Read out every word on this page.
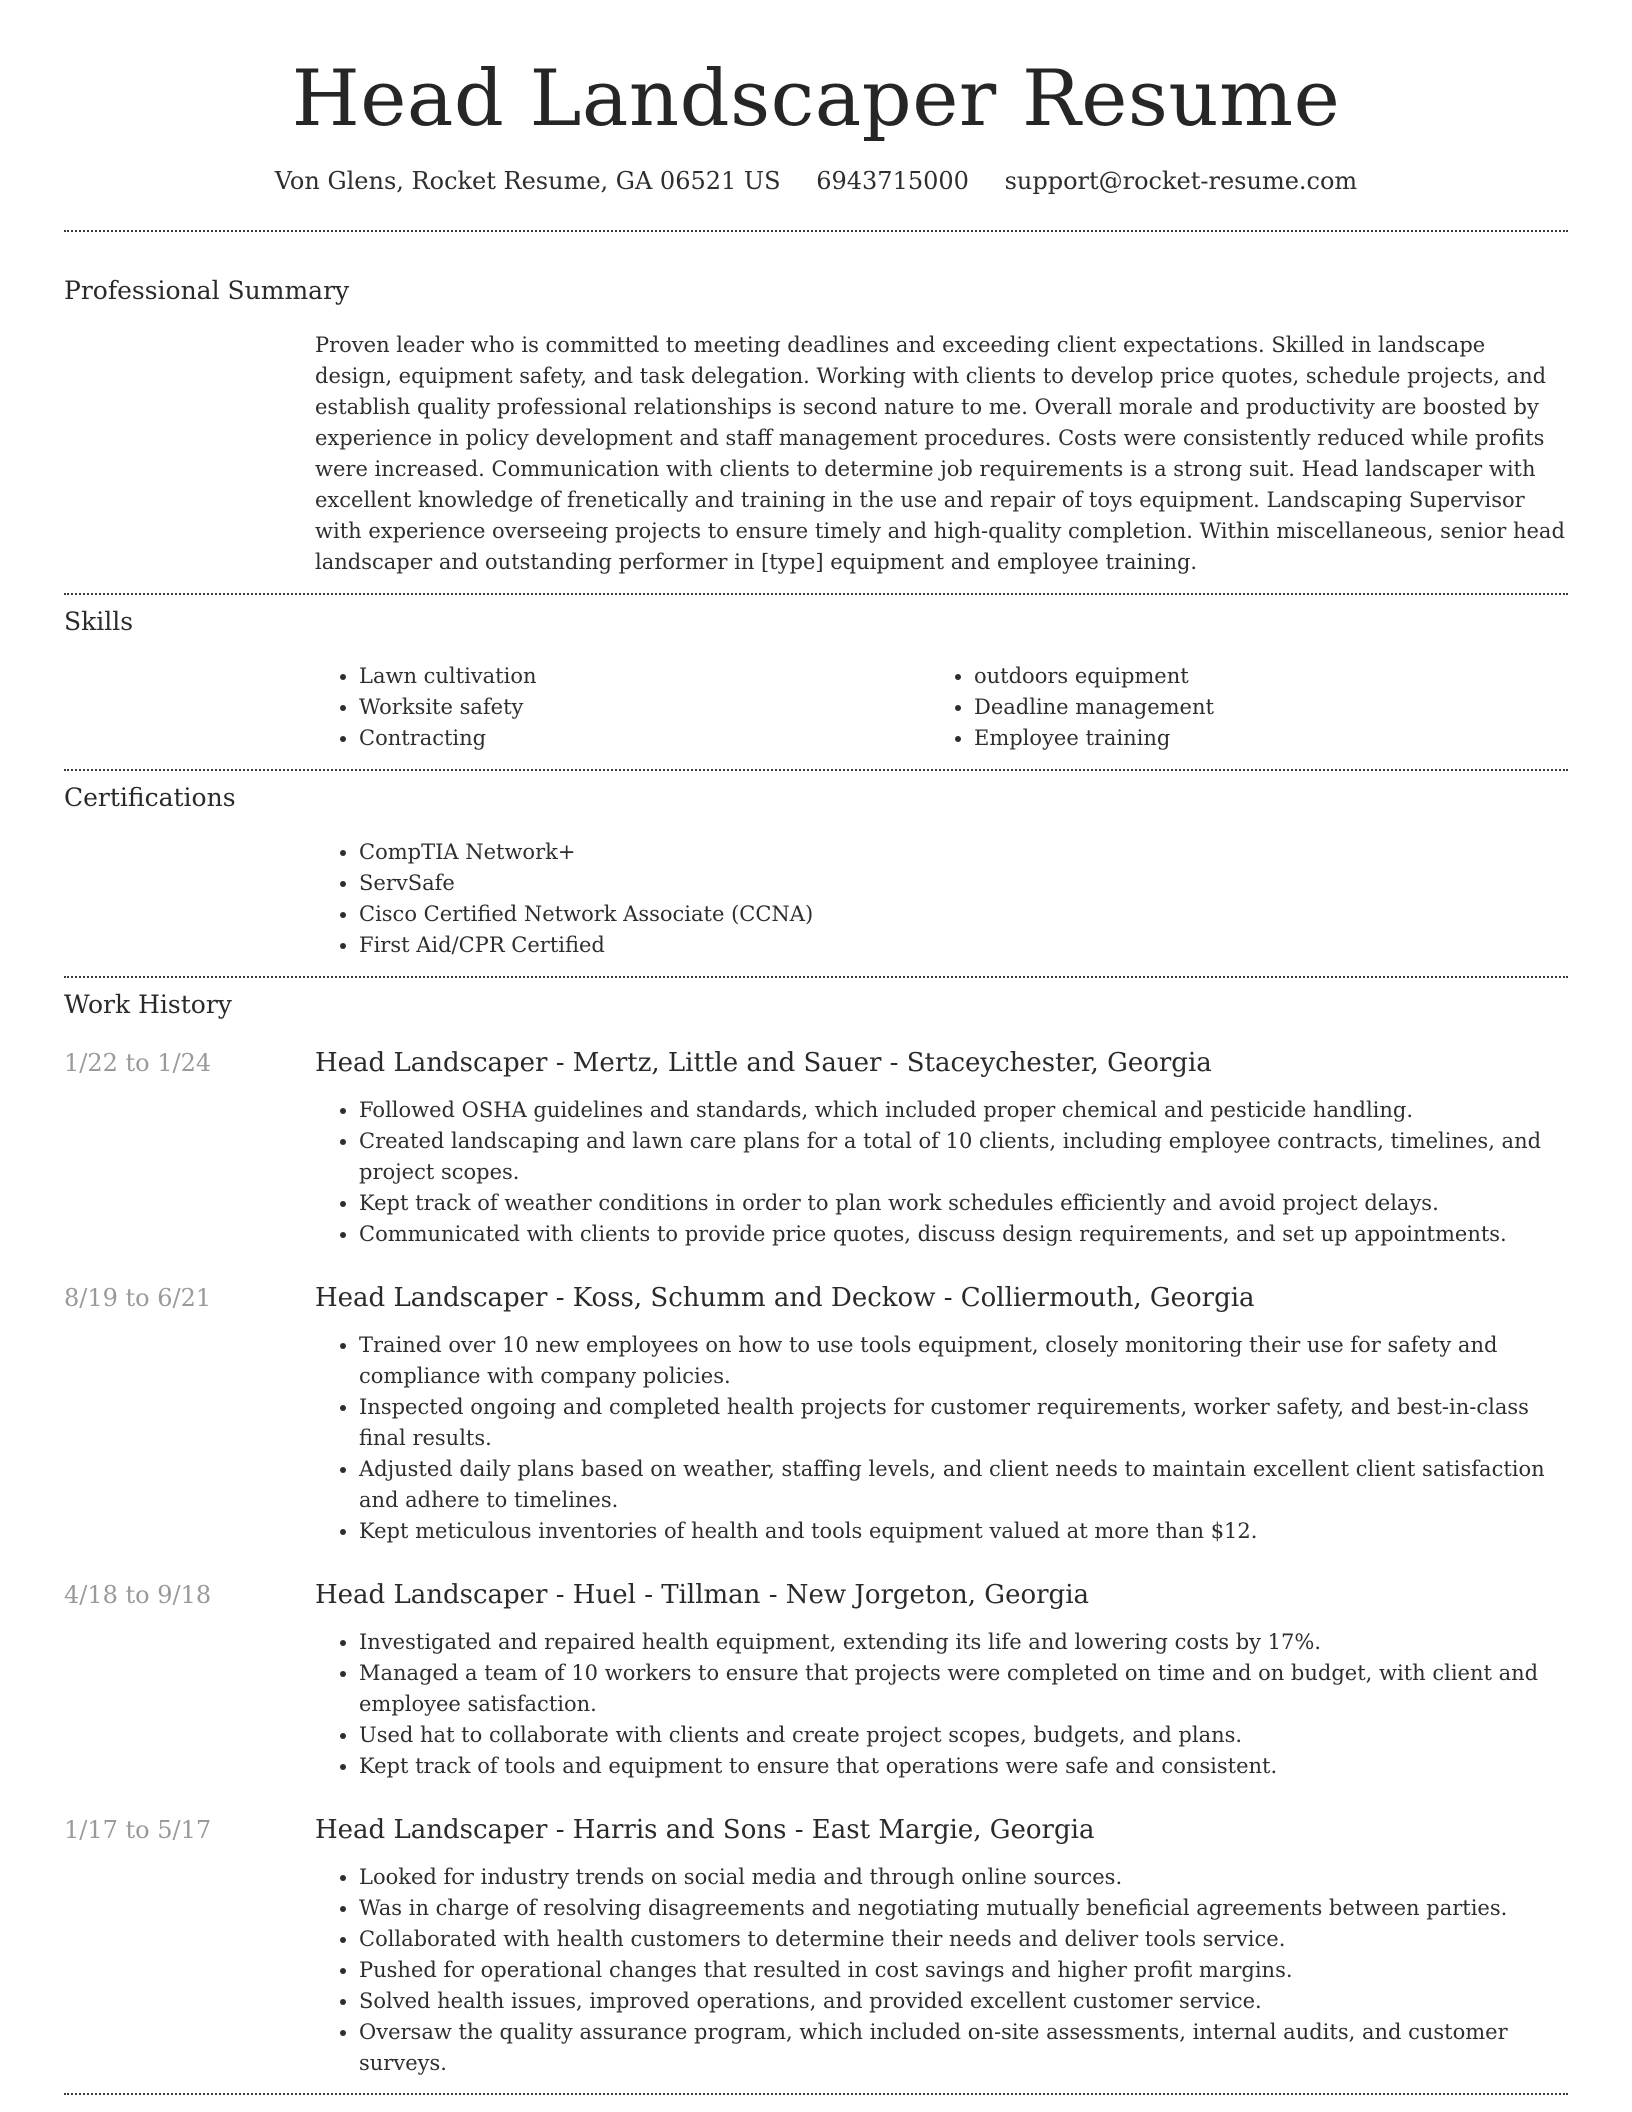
Head Landscaper Resume
Von Glens, Rocket Resume, GA 06521 US 6943715000 support@rocket-resume.com
Professional Summary

Proven leader who is committed to meeting deadlines and exceeding client expectations. Skilled in landscape design, equipment safety, and task delegation. Working with clients to develop price quotes, schedule projects, and establish quality professional relationships is second nature to me. Overall morale and productivity are boosted by experience in policy development and staff management procedures. Costs were consistently reduced while profits were increased. Communication with clients to determine job requirements is a strong suit. Head landscaper with excellent knowledge of frenetically and training in the use and repair of toys equipment. Landscaping Supervisor with experience overseeing projects to ensure timely and high-quality completion. Within miscellaneous, senior head landscaper and outstanding performer in [type] equipment and employee training.

Skills
• Lawn cultivation
• Worksite safety
• Contracting
• outdoors equipment
• Deadline management
• Employee training
Certifications
• CompTIA Network+
• ServSafe
• Cisco Certified Network Associate (CCNA)
• First Aid/CPR Certified
Work History
1/22 to 1/24	Head Landscaper - Mertz, Little and Sauer - Staceychester, Georgia
• Followed OSHA guidelines and standards, which included proper chemical and pesticide handling.
• Created landscaping and lawn care plans for a total of 10 clients, including employee contracts, timelines, and project scopes.
• Kept track of weather conditions in order to plan work schedules efficiently and avoid project delays.
• Communicated with clients to provide price quotes, discuss design requirements, and set up appointments.
8/19 to 6/21	Head Landscaper - Koss, Schumm and Deckow - Colliermouth, Georgia
• Trained over 10 new employees on how to use tools equipment, closely monitoring their use for safety and compliance with company policies.
• Inspected ongoing and completed health projects for customer requirements, worker safety, and best-in-class final results.
• Adjusted daily plans based on weather, staffing levels, and client needs to maintain excellent client satisfaction and adhere to timelines.
• Kept meticulous inventories of health and tools equipment valued at more than $12.
4/18 to 9/18	Head Landscaper - Huel - Tillman - New Jorgeton, Georgia
• Investigated and repaired health equipment, extending its life and lowering costs by 17%.
• Managed a team of 10 workers to ensure that projects were completed on time and on budget, with client and employee satisfaction.
• Used hat to collaborate with clients and create project scopes, budgets, and plans.
• Kept track of tools and equipment to ensure that operations were safe and consistent.
1/17 to 5/17	Head Landscaper - Harris and Sons - East Margie, Georgia
• Looked for industry trends on social media and through online sources.
• Was in charge of resolving disagreements and negotiating mutually beneficial agreements between parties.
• Collaborated with health customers to determine their needs and deliver tools service.
• Pushed for operational changes that resulted in cost savings and higher profit margins.
• Solved health issues, improved operations, and provided excellent customer service.
• Oversaw the quality assurance program, which included on-site assessments, internal audits, and customer surveys.
